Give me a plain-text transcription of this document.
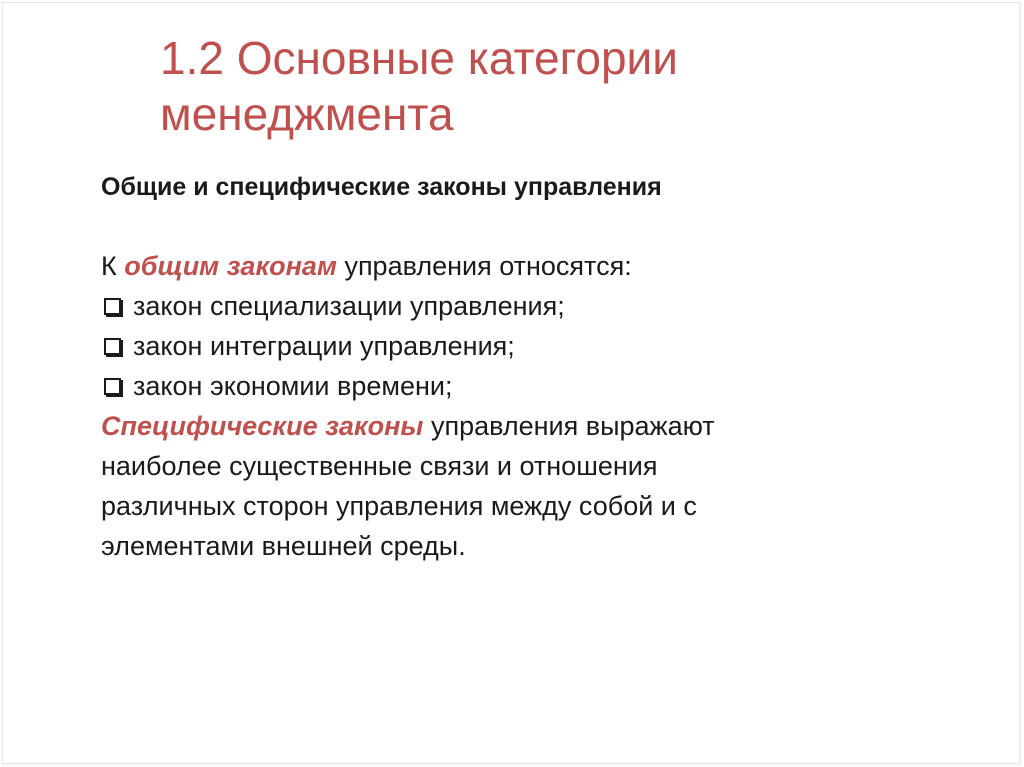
1.2 Основные категории
менеджмента
Общие и специфические законы управления
К общим законам управления относятся:
закон специализации управления;
закон интеграции управления;
закон экономии времени;
Специфические законы управления выражают
наиболее существенные связи и отношения
различных сторон управления между собой и с
элементами внешней среды.
